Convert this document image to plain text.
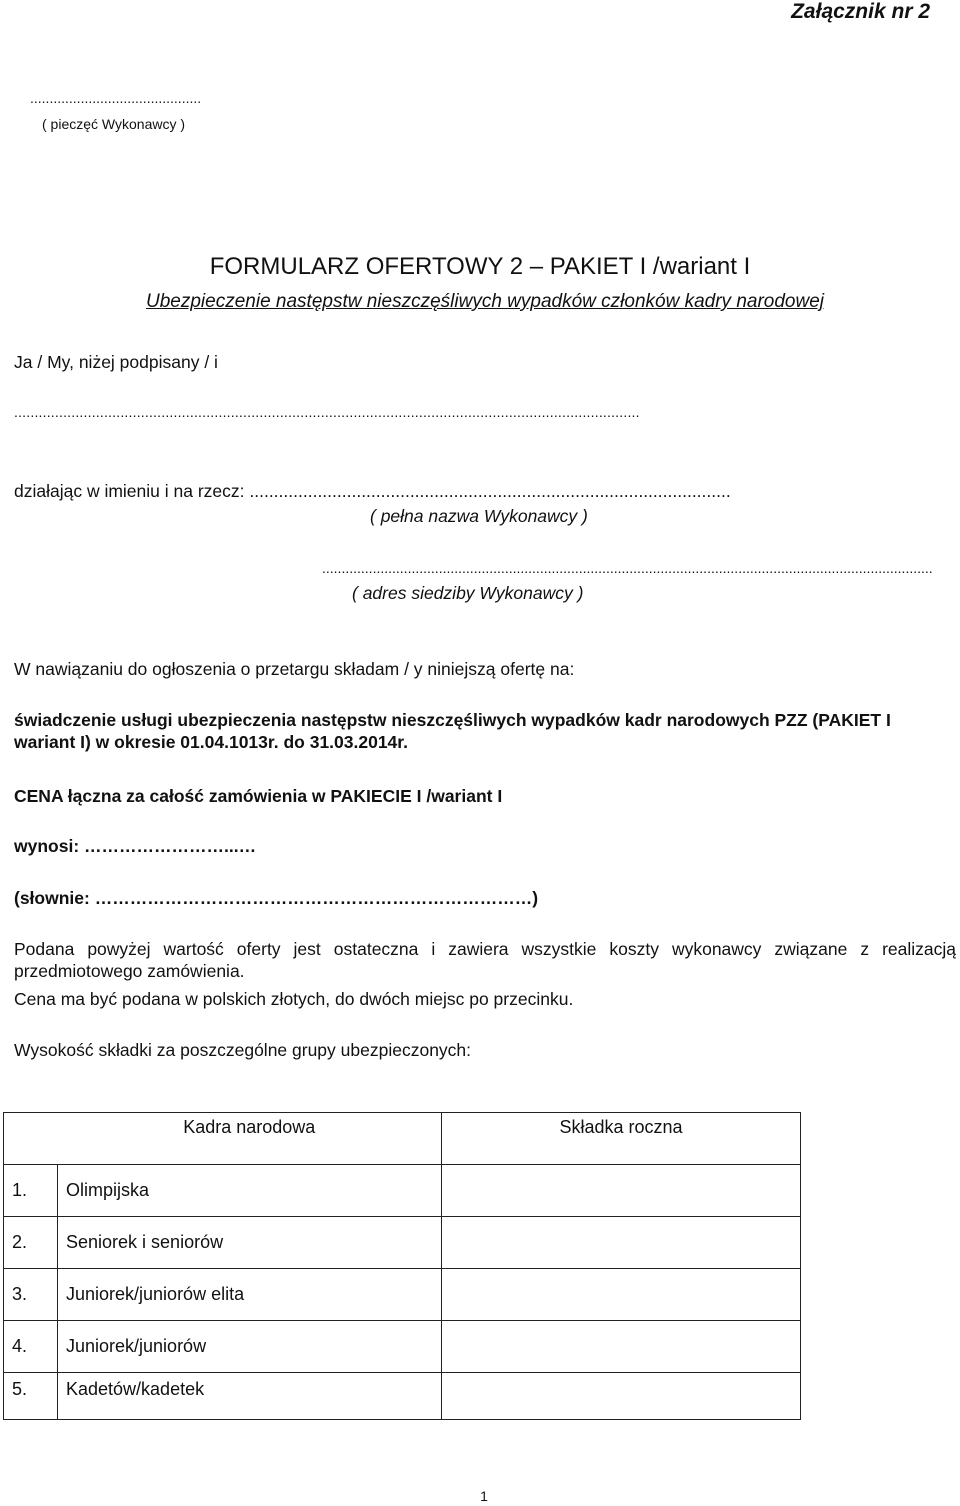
Załącznik nr 2
............................................
( pieczęć Wykonawcy )
FORMULARZ OFERTOWY 2 – PAKIET I /wariant I
Ubezpieczenie następstw nieszczęśliwych wypadków członków kadry narodowej
Ja / My, niżej podpisany / i
.........................................................................................................................................................
działając w imieniu i na rzecz: ...................................................................................................
( pełna nazwa Wykonawcy )
.............................................................................................................................................................
( adres siedziby Wykonawcy )
W nawiązaniu do ogłoszenia o przetargu składam / y niniejszą ofertę na:
świadczenie usługi ubezpieczenia następstw nieszczęśliwych wypadków kadr narodowych PZZ (PAKIET I wariant I) w okresie 01.04.1013r. do 31.03.2014r.
CENA łączna za całość zamówienia w PAKIECIE I /wariant I
wynosi: ……………………...…
(słownie: …………………………………………………………………)
Podana powyżej wartość oferty jest ostateczna i zawiera wszystkie koszty wykonawcy związane z realizacją przedmiotowego zamówienia.
Cena ma być podana w polskich złotych, do dwóch miejsc po przecinku.
Wysokość składki za poszczególne grupy ubezpieczonych:
	Kadra narodowa	Składka roczna
1.	Olimpijska	
2.	Seniorek i seniorów	
3.	Juniorek/juniorów elita	
4.	Juniorek/juniorów	
5.	Kadetów/kadetek	
1
